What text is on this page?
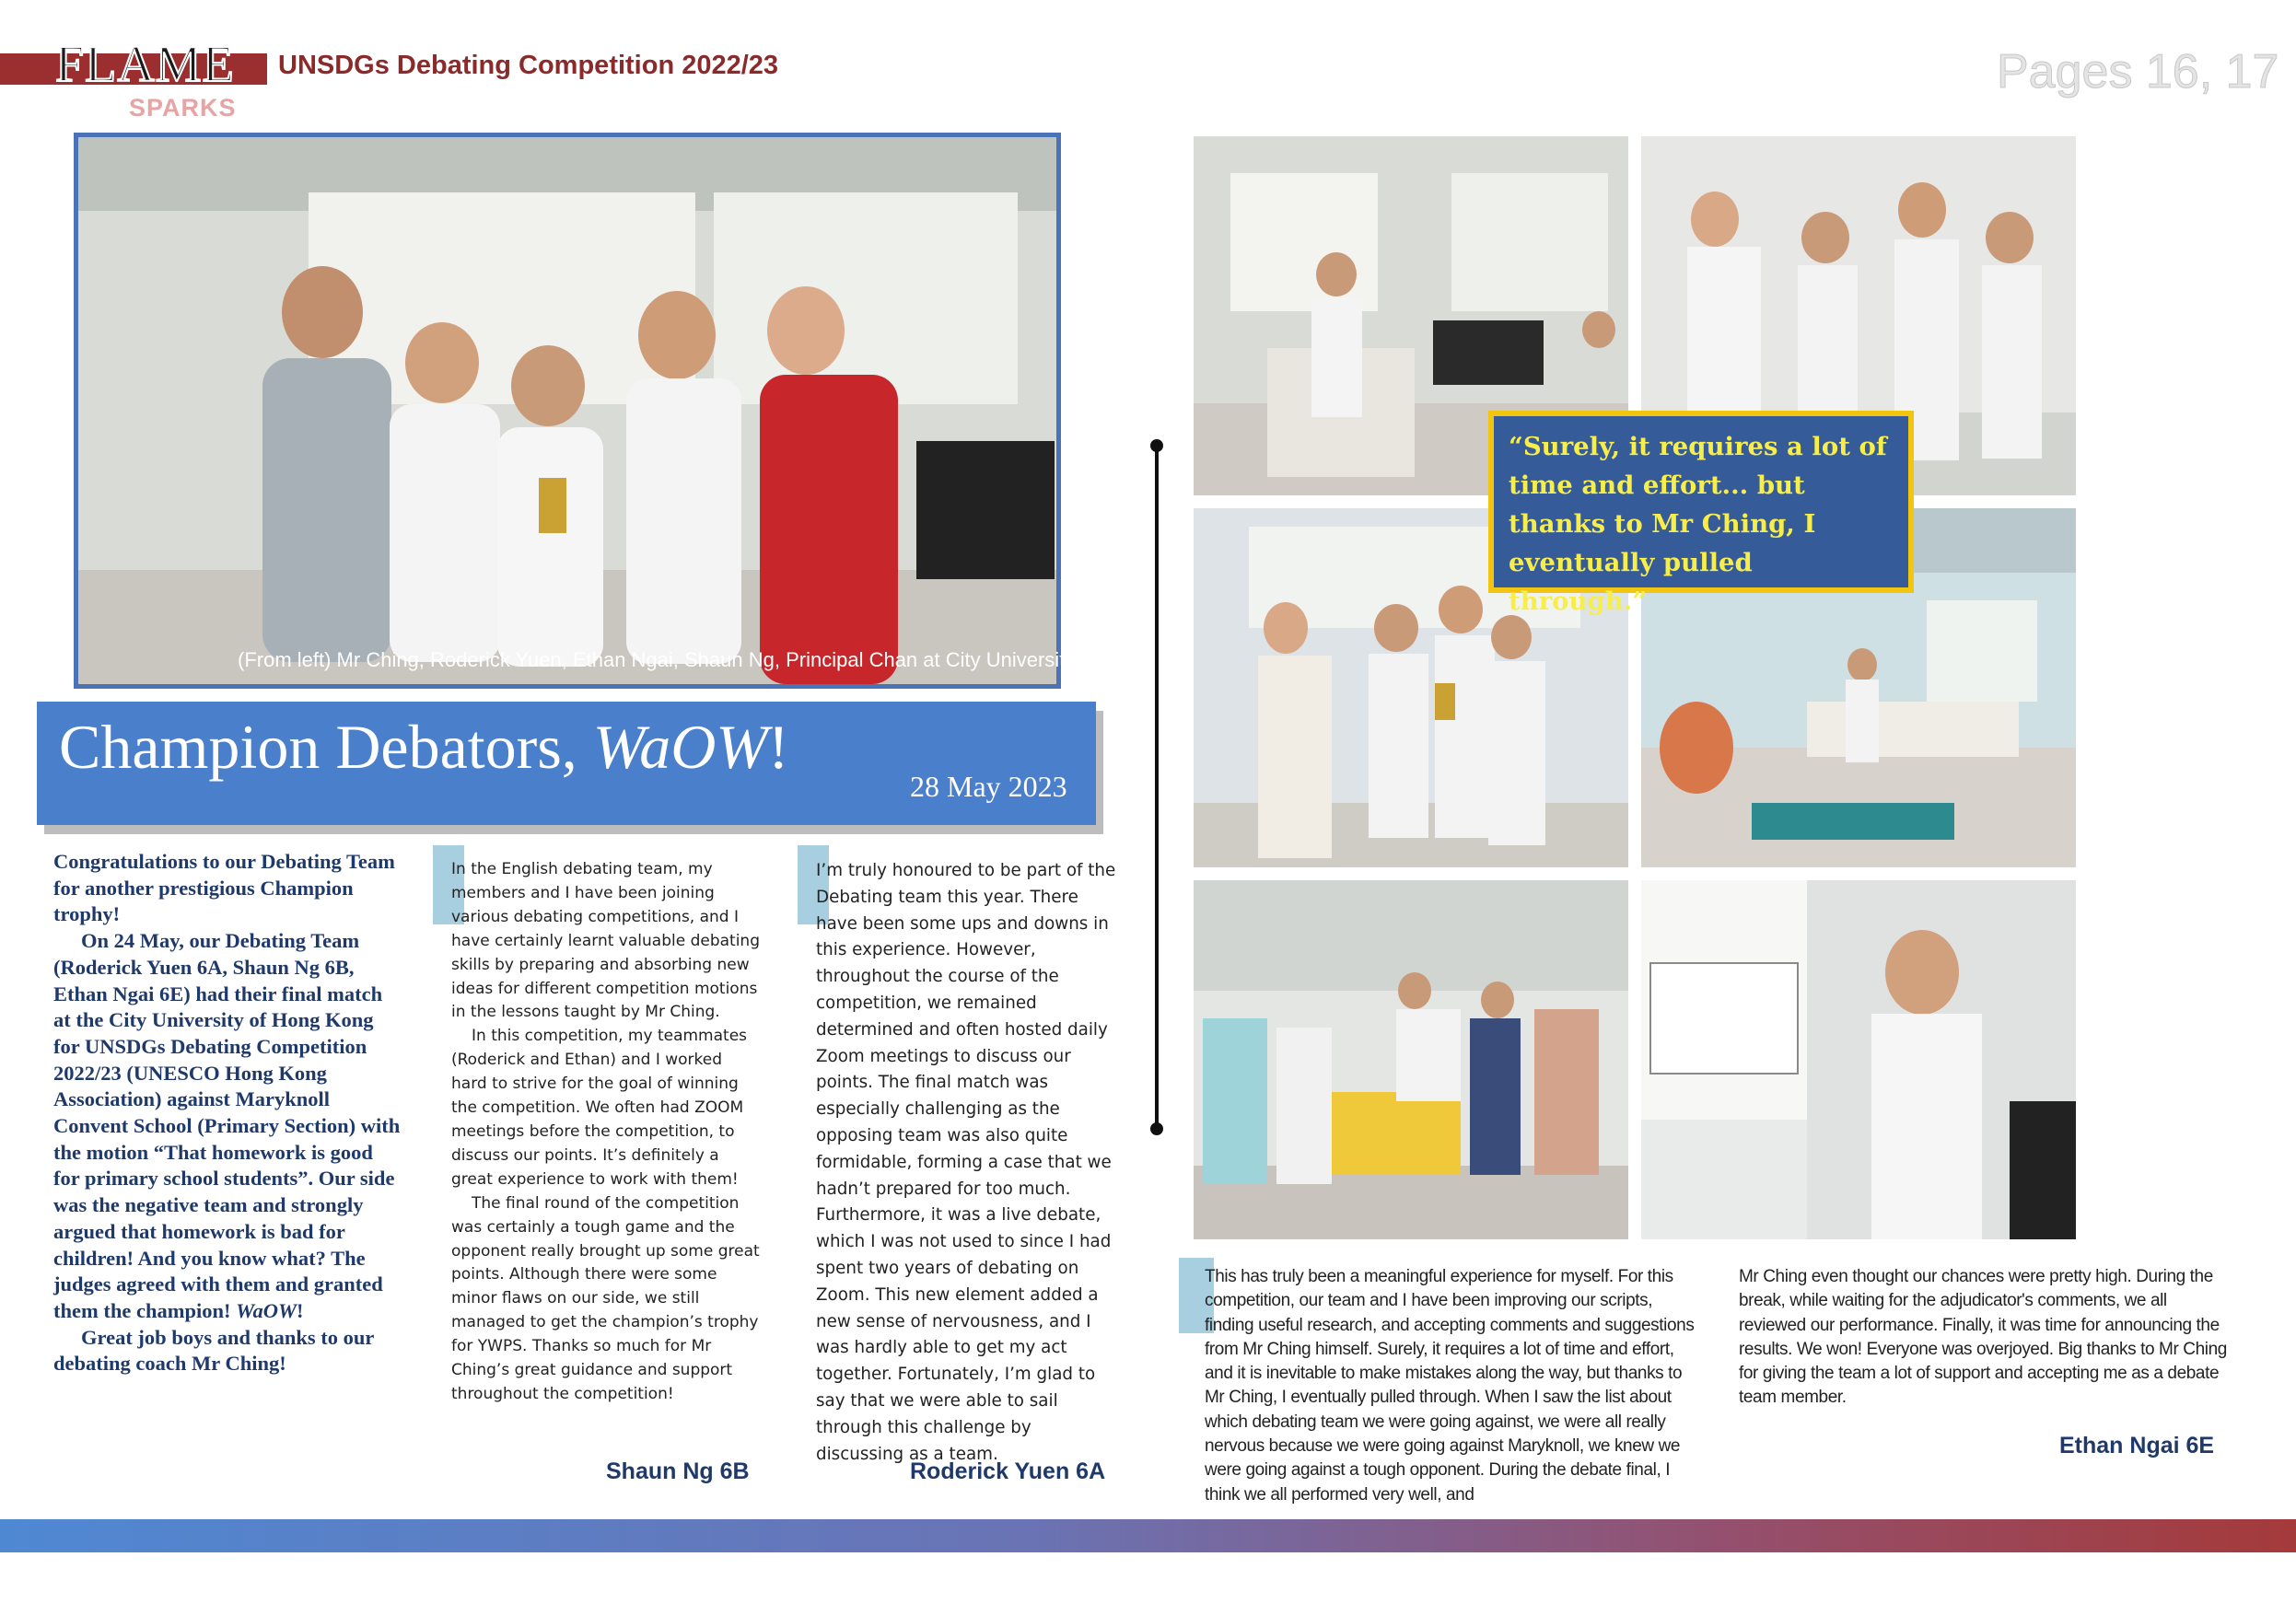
FLAME
SPARKS
UNSDGs Debating Competition 2022/23	Pages 16, 17
(From left) Mr Ching, Roderick Yuen, Ethan Ngai, Shaun Ng, Principal Chan at City University
Champion Debators, WaOW!
28 May 2023

Congratulations to our Debating Team for another prestigious Champion trophy!

On 24 May, our Debating Team (Roderick Yuen 6A, Shaun Ng 6B, Ethan Ngai 6E) had their final match at the City University of Hong Kong for UNSDGs Debating Competition 2022/23 (UNESCO Hong Kong Association) against Maryknoll Convent School (Primary Section) with the motion “That homework is good for primary school students”. Our side was the negative team and strongly argued that homework is bad for children! And you know what? The judges agreed with them and granted them the champion! WaOW!

Great job boys and thanks to our debating coach Mr Ching!

In the English debating team, my members and I have been joining various debating competitions, and I have certainly learnt valuable debating skills by preparing and absorbing new ideas for different competition motions in the lessons taught by Mr Ching.

In this competition, my teammates (Roderick and Ethan) and I worked hard to strive for the goal of winning the competition. We often had ZOOM meetings before the competition, to discuss our points. It’s definitely a great experience to work with them!

The final round of the competition was certainly a tough game and the opponent really brought up some great points. Although there were some minor flaws on our side, we still managed to get the champion’s trophy for YWPS. Thanks so much for Mr Ching’s great guidance and support throughout the competition!

Shaun Ng 6B

I’m truly honoured to be part of the Debating team this year. There have been some ups and downs in this experience. However, throughout the course of the competition, we remained determined and often hosted daily Zoom meetings to discuss our points. The final match was especially challenging as the opposing team was also quite formidable, forming a case that we hadn’t prepared for too much. Furthermore, it was a live debate, which I was not used to since I had spent two years of debating on Zoom. This new element added a new sense of nervousness, and I was hardly able to get my act together. Fortunately, I’m glad to say that we were able to sail through this challenge by discussing as a team.

Roderick Yuen 6A
“Surely, it requires a lot of time and effort... but thanks to Mr Ching, I eventually pulled through.”
This has truly been a meaningful experience for myself. For this competition, our team and I have been improving our scripts, finding useful research, and accepting comments and suggestions from Mr Ching himself. Surely, it requires a lot of time and effort, and it is inevitable to make mistakes along the way, but thanks to Mr Ching, I eventually pulled through. When I saw the list about which debating team we were going against, we were all really nervous because we were going against Maryknoll, we knew we were going against a tough opponent. During the debate final, I think we all performed very well, and
Mr Ching even thought our chances were pretty high. During the break, while waiting for the adjudicator's comments, we all reviewed our performance. Finally, it was time for announcing the results. We won! Everyone was overjoyed. Big thanks to Mr Ching for giving the team a lot of support and accepting me as a debate team member.
Ethan Ngai 6E
